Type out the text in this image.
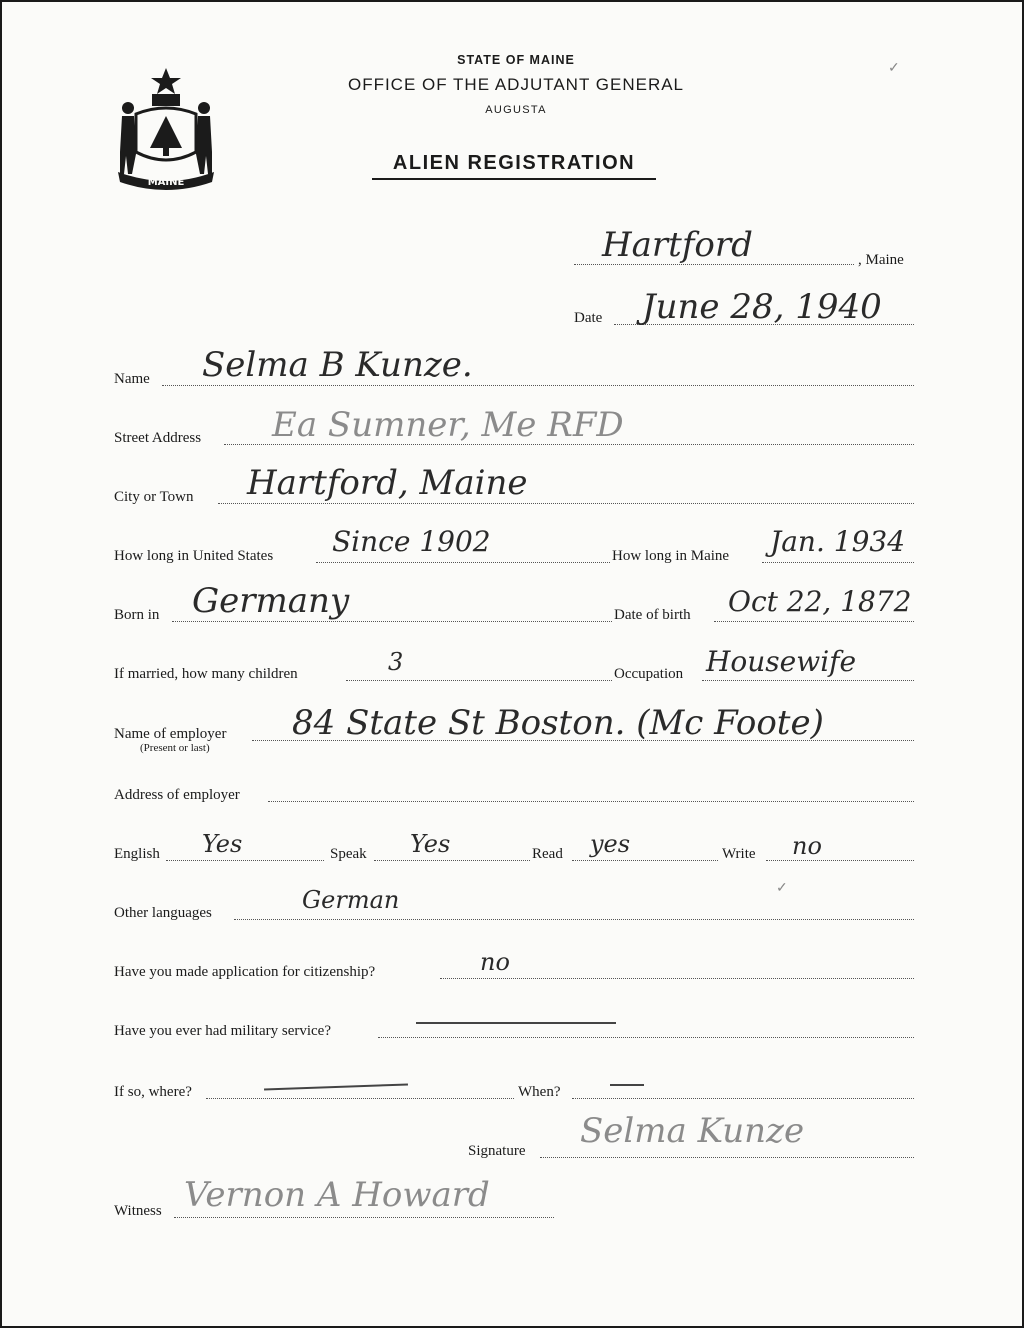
MAINE
STATE OF MAINE
OFFICE OF THE ADJUTANT GENERAL
AUGUSTA
ALIEN REGISTRATION
✓
Hartford	, Maine
Date June 28, 1940
Name Selma B Kunze.
Street Address Ea Sumner, Me RFD
City or Town Hartford, Maine
How long in United States Since 1902	How long in Maine Jan. 1934
Born in Germany	Date of birth Oct 22, 1872
If married, how many children	3	Occupation Housewife
Name of employer
(Present or last)
84 State St Boston. (Mc Foote)
Address of employer
English Yes	Speak Yes	Read yes	Write no
✓
Other languages	German
Have you made application for citizenship?	no
Have you ever had military service?
If so, where?	When?
Signature Selma Kunze
Witness Vernon A Howard
